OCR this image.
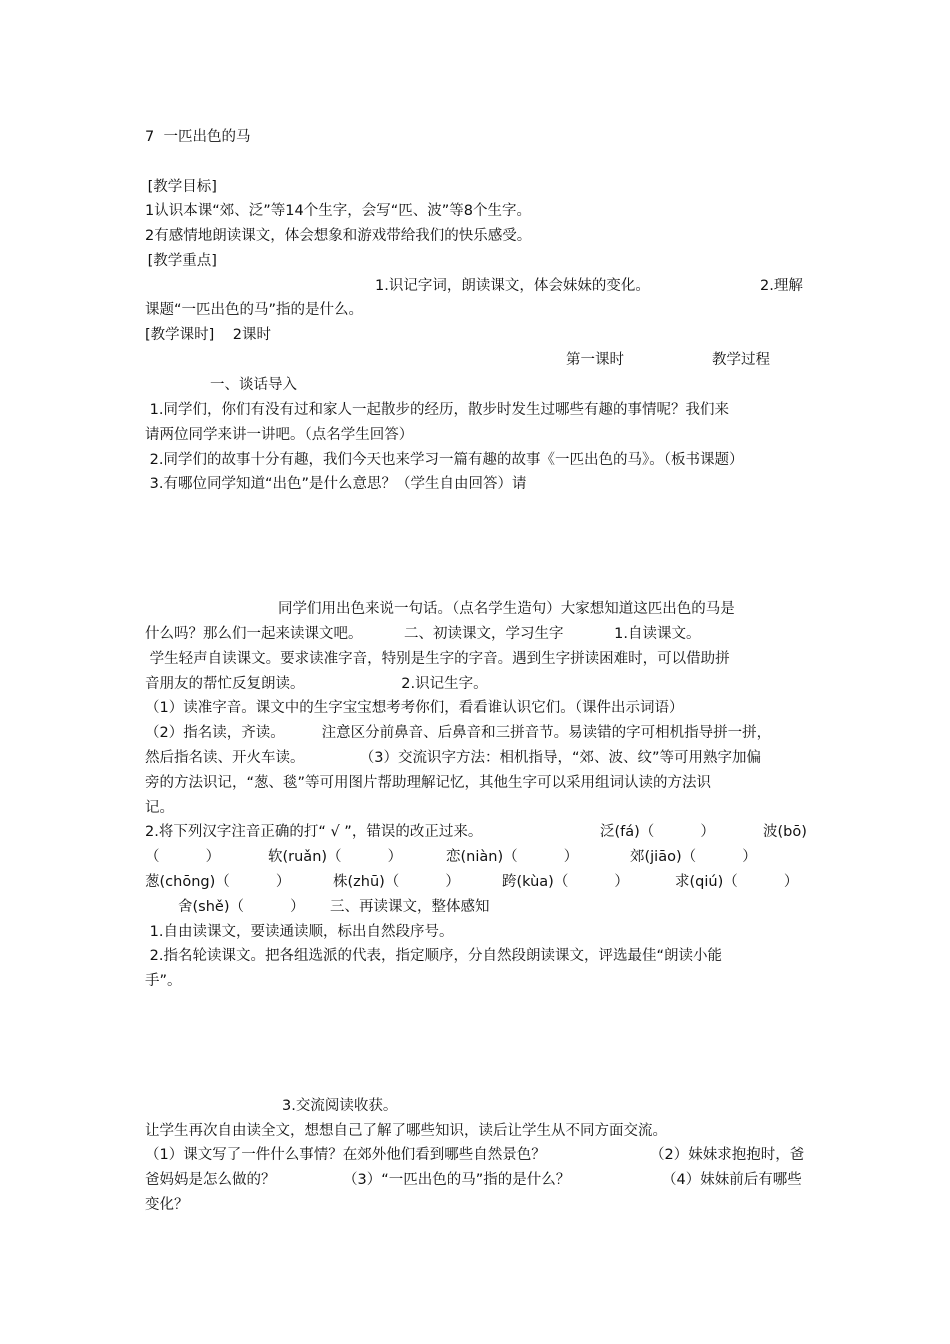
7  一匹出色的马
[教学目标]
1认识本课“郊、泛”等14个生字，会写“匹、波”等8个生字。
2有感情地朗读课文，体会想象和游戏带给我们的快乐感受。
[教学重点]
1.识记字词，朗读课文，体会妹妹的变化。	2.理解
课题“一匹出色的马”指的是什么。
[教学课时]    2课时
第一课时	教学过程
一、谈话导入
1.同学们，你们有没有过和家人一起散步的经历，散步时发生过哪些有趣的事情呢？我们来
请两位同学来讲一讲吧。（点名学生回答）
2.同学们的故事十分有趣，我们今天也来学习一篇有趣的故事《一匹出色的马》。（板书课题）
3.有哪位同学知道“出色”是什么意思？（学生自由回答）请
同学们用出色来说一句话。（点名学生造句）大家想知道这匹出色的马是
什么吗？那么们一起来读课文吧。         二、初读课文，学习生字           1.自读课文。
学生轻声自读课文。要求读准字音，特别是生字的字音。遇到生字拼读困难时，可以借助拼
音朋友的帮忙反复朗读。                     2.识记生字。
（1）读准字音。课文中的生字宝宝想考考你们，看看谁认识它们。（课件出示词语）
（2）指名读，齐读。        注意区分前鼻音、后鼻音和三拼音节。易读错的字可相机指导拼一拼，
然后指名读、开火车读。            （3）交流识字方法：相机指导，“郊、波、纹”等可用熟字加偏
旁的方法识记，“葱、毯”等可用图片帮助理解记忆，其他生字可以采用组词认读的方法识
记。
2.将下列汉字注音正确的打“ √ ”，错误的改正过来。	泛(fá)（          ）	波(bō)
（          ）	软(ruǎn)（          ）	恋(niàn)（          ）	郊(jiāo)（          ）
葱(chōng)（          ）	株(zhū)（          ）	跨(kùa)（          ）	求(qiú)（          ）
舍(shě)（          ） 三、再读课文，整体感知
1.自由读课文，要读通读顺，标出自然段序号。
2.指名轮读课文。把各组选派的代表，指定顺序，分自然段朗读课文，评选最佳“朗读小能
手”。
3.交流阅读收获。
让学生再次自由读全文，想想自己了解了哪些知识，读后让学生从不同方面交流。
（1）课文写了一件什么事情？在郊外他们看到哪些自然景色？	（2）妹妹求抱抱时，爸
爸妈妈是怎么做的？	（3）“一匹出色的马”指的是什么？	（4）妹妹前后有哪些
变化？
